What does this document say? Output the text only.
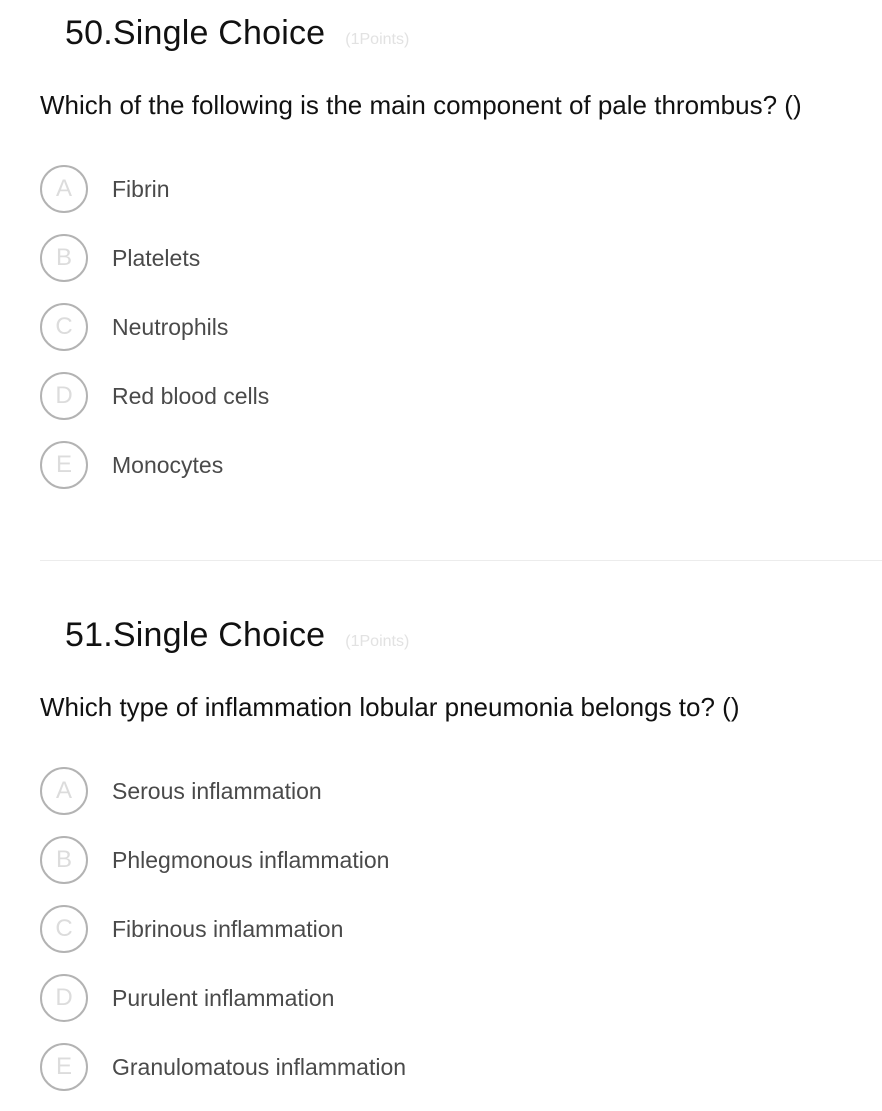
50.Single Choice (1Points)
Which of the following is the main component of pale thrombus? ()
A	Fibrin
B	Platelets
C	Neutrophils
D	Red blood cells
E	Monocytes
51.Single Choice (1Points)
Which type of inflammation lobular pneumonia belongs to? ()
A	Serous inflammation
B	Phlegmonous inflammation
C	Fibrinous inflammation
D	Purulent inflammation
E	Granulomatous inflammation
